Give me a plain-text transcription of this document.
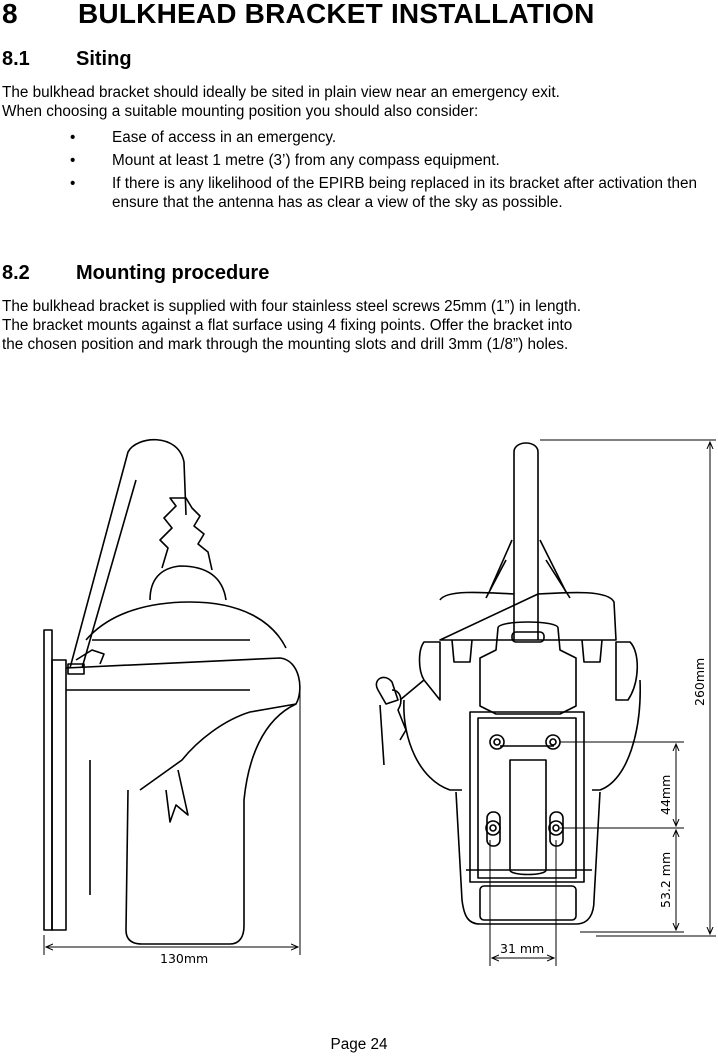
8 BULKHEAD BRACKET INSTALLATION
8.1 Siting
The bulkhead bracket should ideally be sited in plain view near an emergency exit.
When choosing a suitable mounting position you should also consider:
• Ease of access in an emergency.
• Mount at least 1 metre (3’) from any compass equipment.
• If there is any likelihood of the EPIRB being replaced in its bracket after activation then ensure that the antenna has as clear a view of the sky as possible.
8.2 Mounting procedure
The bulkhead bracket is supplied with four stainless steel screws 25mm (1”) in length.
The bracket mounts against a flat surface using 4 fixing points. Offer the bracket into
the chosen position and mark through the mounting slots and drill 3mm (1/8”) holes.
130mm
260mm
44mm
53.2 mm
31 mm
Page 24
